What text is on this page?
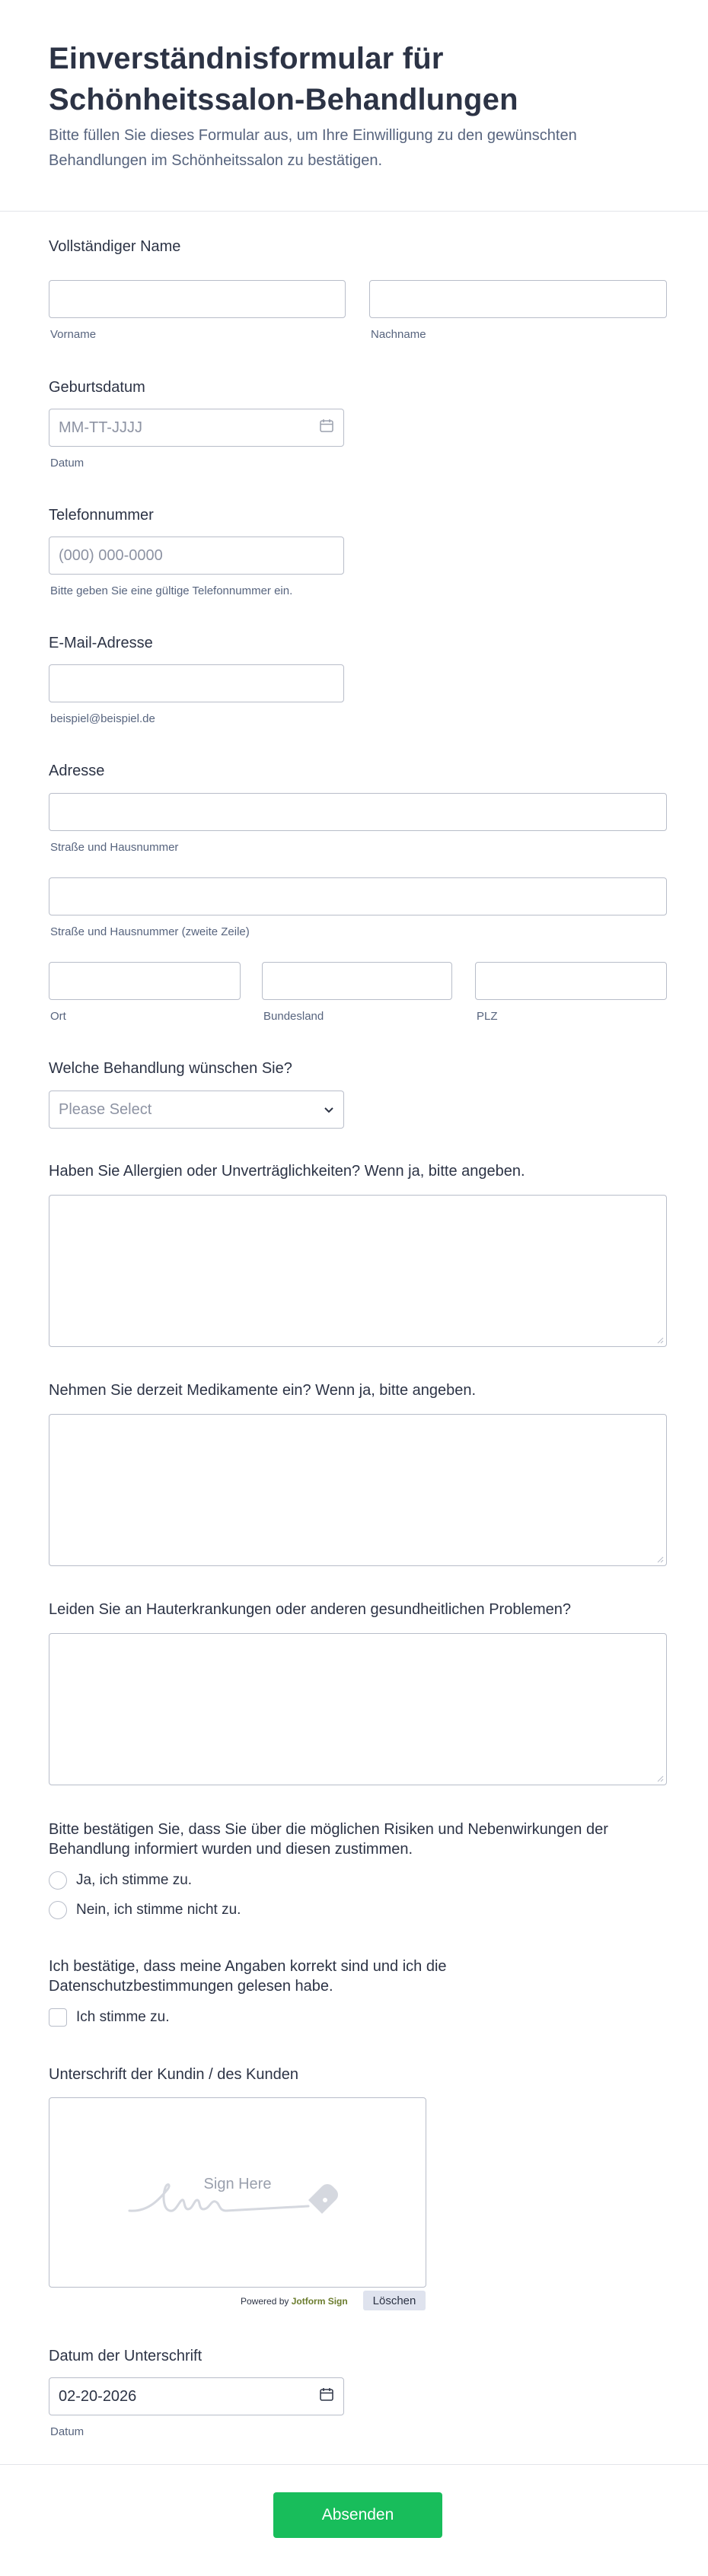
Einverständnisformular für
Schönheitssalon-Behandlungen
Bitte füllen Sie dieses Formular aus, um Ihre Einwilligung zu den gewünschten Behandlungen im Schönheitssalon zu bestätigen.
Vollständiger Name
Vorname	Nachname
Geburtsdatum
MM-TT-JJJJ
Datum
Telefonnummer
(000) 000-0000
Bitte geben Sie eine gültige Telefonnummer ein.
E-Mail-Adresse
beispiel@beispiel.de
Adresse
Straße und Hausnummer
Straße und Hausnummer (zweite Zeile)
Ort	Bundesland	PLZ
Welche Behandlung wünschen Sie?
Please Select
Haben Sie Allergien oder Unverträglichkeiten? Wenn ja, bitte angeben.
Nehmen Sie derzeit Medikamente ein? Wenn ja, bitte angeben.
Leiden Sie an Hauterkrankungen oder anderen gesundheitlichen Problemen?
Bitte bestätigen Sie, dass Sie über die möglichen Risiken und Nebenwirkungen der
Behandlung informiert wurden und diesen zustimmen.
Ja, ich stimme zu.
Nein, ich stimme nicht zu.
Ich bestätige, dass meine Angaben korrekt sind und ich die
Datenschutzbestimmungen gelesen habe.
Ich stimme zu.
Unterschrift der Kundin / des Kunden
Sign Here
Powered by Jotform Sign	Löschen
Datum der Unterschrift
02-20-2026
Datum
Absenden
